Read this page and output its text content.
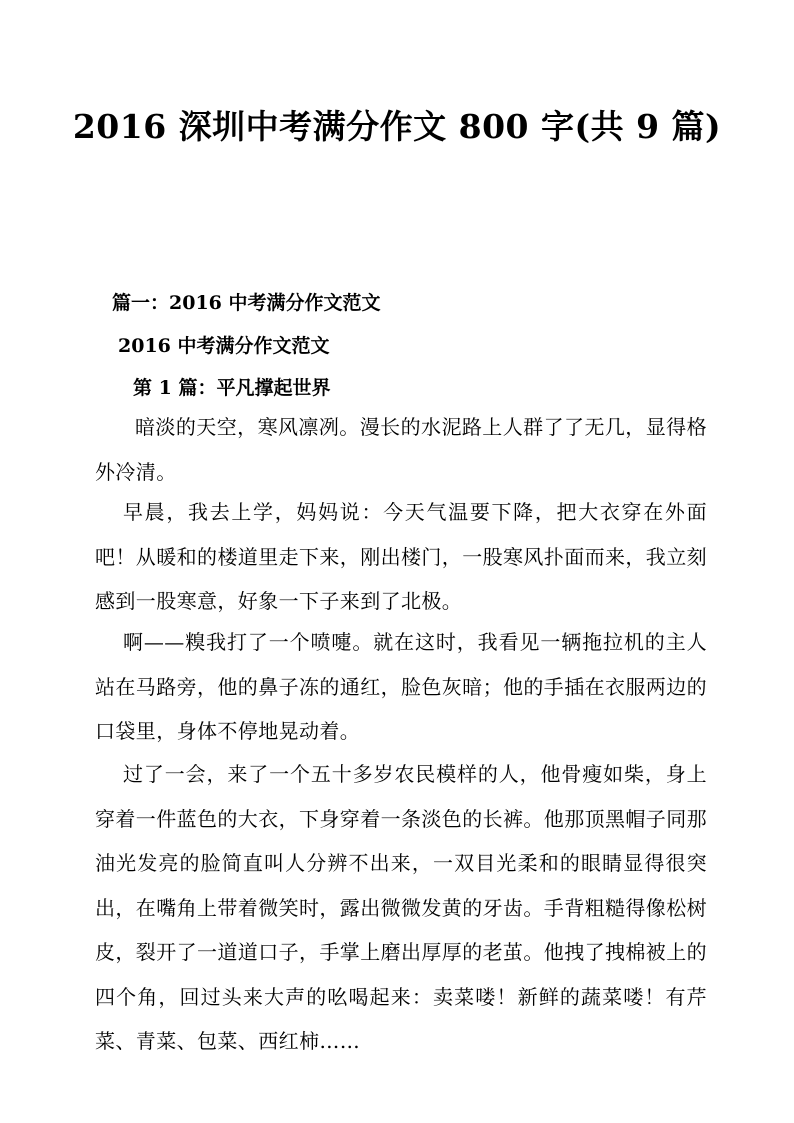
2016 深圳中考满分作文 800 字(共 9 篇)
篇一：2016 中考满分作文范文
2016 中考满分作文范文
第 1 篇：平凡撑起世界

暗淡的天空，寒风凛冽。漫长的水泥路上人群了了无几，显得格外冷清。

早晨，我去上学，妈妈说：今天气温要下降，把大衣穿在外面吧！从暖和的楼道里走下来，刚出楼门，一股寒风扑面而来，我立刻感到一股寒意，好象一下子来到了北极。

啊——糗我打了一个喷嚏。就在这时，我看见一辆拖拉机的主人站在马路旁，他的鼻子冻的通红，脸色灰暗；他的手插在衣服两边的口袋里，身体不停地晃动着。

过了一会，来了一个五十多岁农民模样的人，他骨瘦如柴，身上穿着一件蓝色的大衣，下身穿着一条淡色的长裤。他那顶黑帽子同那油光发亮的脸简直叫人分辨不出来，一双目光柔和的眼睛显得很突出，在嘴角上带着微笑时，露出微微发黄的牙齿。手背粗糙得像松树皮，裂开了一道道口子，手掌上磨出厚厚的老茧。他拽了拽棉被上的四个角，回过头来大声的吆喝起来：卖菜喽！新鲜的蔬菜喽！有芹菜、青菜、包菜、西红柿……
